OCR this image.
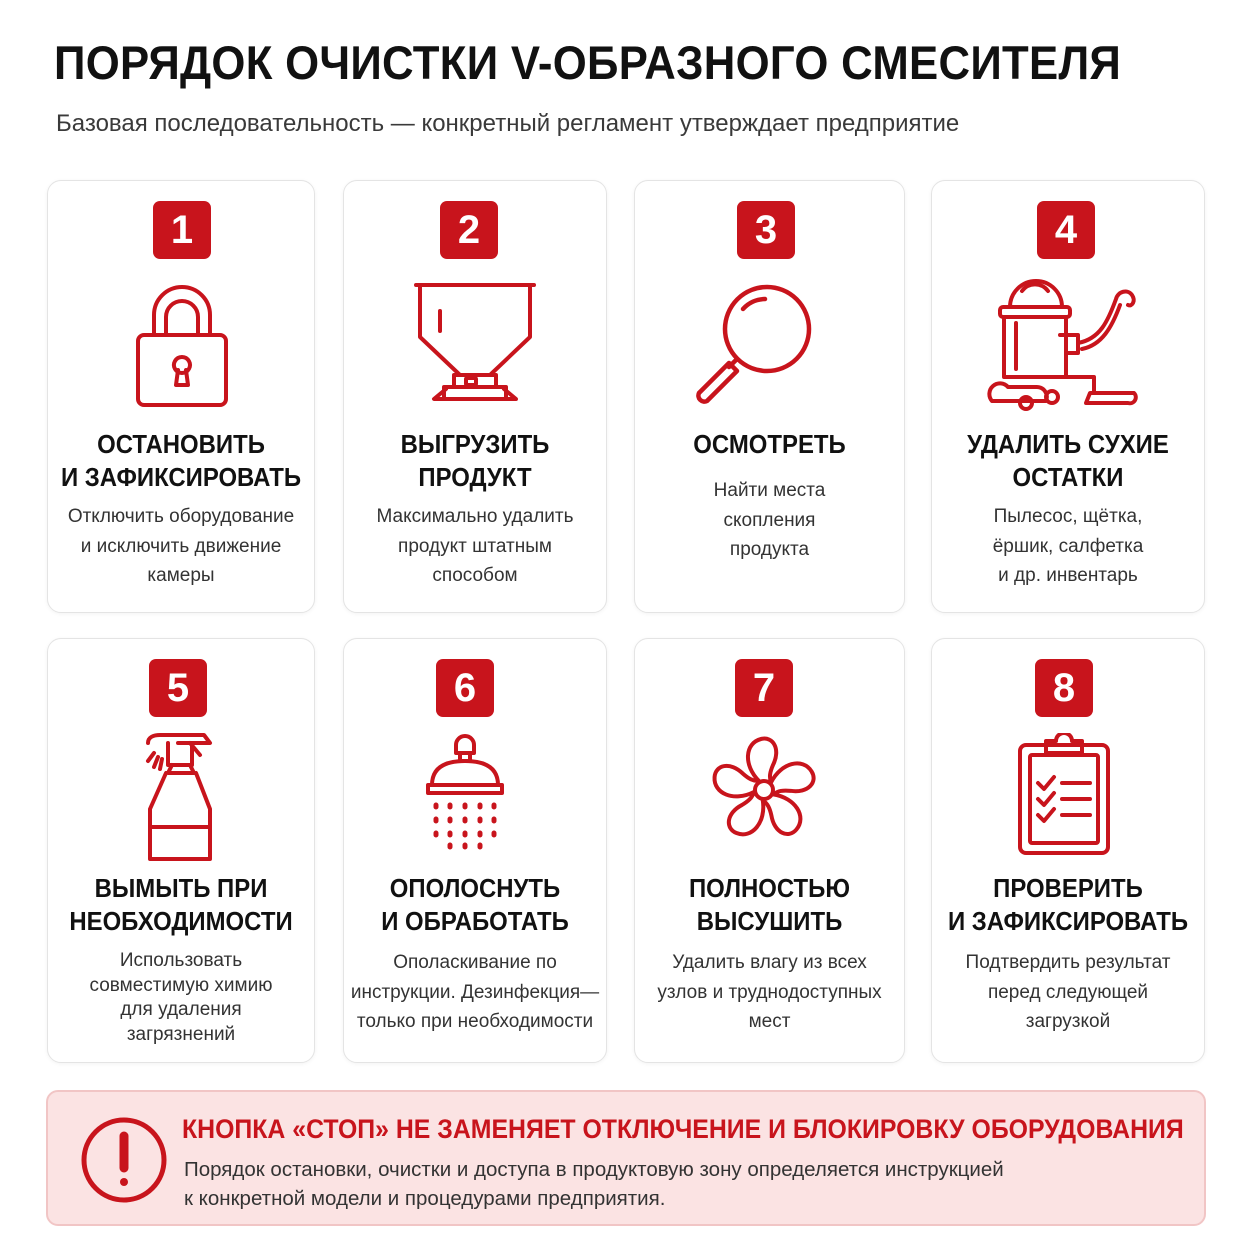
ПОРЯДОК ОЧИСТКИ V-ОБРАЗНОГО СМЕСИТЕЛЯ
Базовая последовательность — конкретный регламент утверждает предприятие
1
ОСТАНОВИТЬ
И ЗАФИКСИРОВАТЬ
Отключить оборудование
и исключить движение
камеры
2
ВЫГРУЗИТЬ
ПРОДУКТ
Максимально удалить
продукт штатным
способом
3
ОСМОТРЕТЬ
Найти места
скопления
продукта
4
УДАЛИТЬ СУХИЕ
ОСТАТКИ
Пылесос, щётка,
ёршик, салфетка
и др. инвентарь
5
ВЫМЫТЬ ПРИ
НЕОБХОДИМОСТИ
Использовать
совместимую химию
для удаления
загрязнений
6
ОПОЛОСНУТЬ
И ОБРАБОТАТЬ
Ополаскивание по
инструкции. Дезинфекция—
только при необходимости
7
ПОЛНОСТЬЮ
ВЫСУШИТЬ
Удалить влагу из всех
узлов и труднодоступных
мест
8
ПРОВЕРИТЬ
И ЗАФИКСИРОВАТЬ
Подтвердить результат
перед следующей
загрузкой
КНОПКА «СТОП» НЕ ЗАМЕНЯЕТ ОТКЛЮЧЕНИЕ И БЛОКИРОВКУ ОБОРУДОВАНИЯ
Порядок остановки, очистки и доступа в продуктовую зону определяется инструкцией
к конкретной модели и процедурами предприятия.
